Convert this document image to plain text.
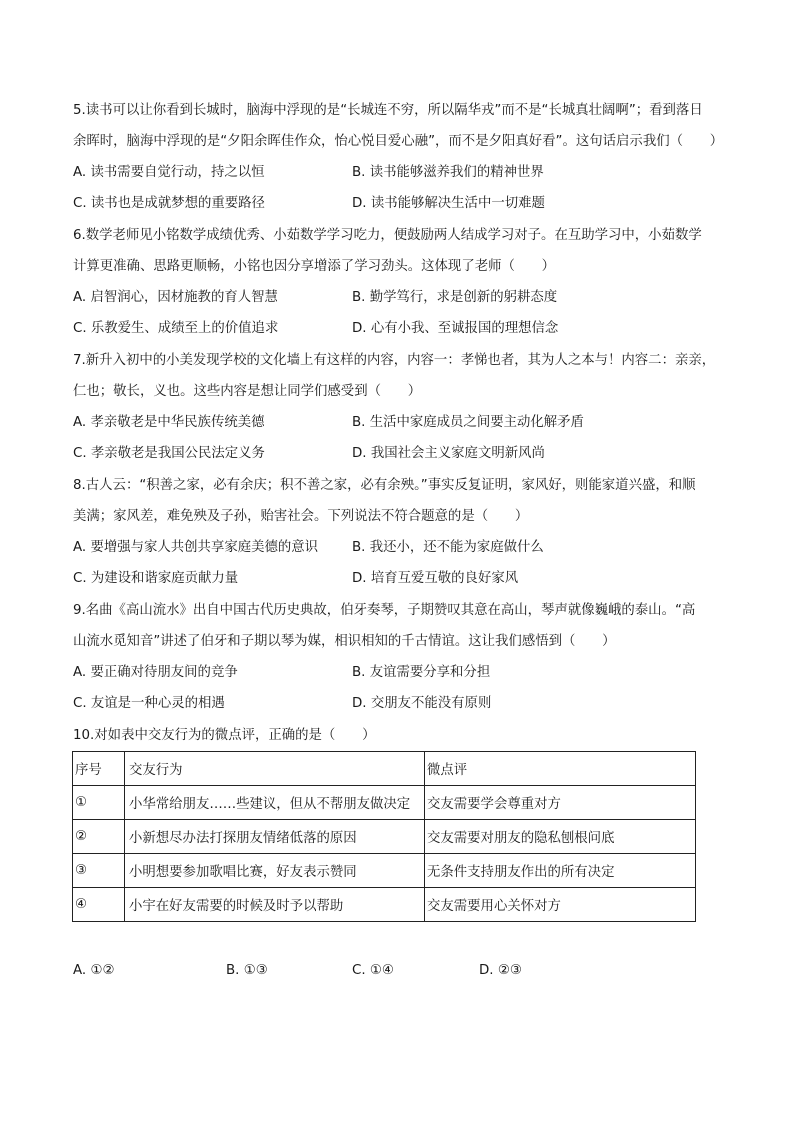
5.读书可以让你看到长城时，脑海中浮现的是“长城连不穷，所以隔华戎”而不是“长城真壮阔啊”；看到落日
余晖时，脑海中浮现的是“夕阳余晖佳作众，怡心悦目爱心融”，而不是夕阳真好看”。这句话启示我们（　　）
A. 读书需要自觉行动，持之以恒	B. 读书能够滋养我们的精神世界
C. 读书也是成就梦想的重要路径	D. 读书能够解决生活中一切难题
6.数学老师见小铭数学成绩优秀、小茹数学学习吃力，便鼓励两人结成学习对子。在互助学习中，小茹数学
计算更准确、思路更顺畅，小铭也因分享增添了学习劲头。这体现了老师（　　）
A. 启智润心，因材施教的育人智慧	B. 勤学笃行，求是创新的躬耕态度
C. 乐教爱生、成绩至上的价值追求	D. 心有小我、至诚报国的理想信念
7.新升入初中的小美发现学校的文化墙上有这样的内容，内容一：孝悌也者，其为人之本与！内容二：亲亲，
仁也；敬长，义也。这些内容是想让同学们感受到（　　）
A. 孝亲敬老是中华民族传统美德	B. 生活中家庭成员之间要主动化解矛盾
C. 孝亲敬老是我国公民法定义务	D. 我国社会主义家庭文明新风尚
8.古人云：“积善之家，必有余庆；积不善之家，必有余殃。”事实反复证明，家风好，则能家道兴盛，和顺
美满；家风差，难免殃及子孙，贻害社会。下列说法不符合题意的是（　　）
A. 要增强与家人共创共享家庭美德的意识	B. 我还小，还不能为家庭做什么
C. 为建设和谐家庭贡献力量	D. 培育互爱互敬的良好家风
9.名曲《高山流水》出自中国古代历史典故，伯牙奏琴，子期赞叹其意在高山，琴声就像巍峨的泰山。“高
山流水觅知音”讲述了伯牙和子期以琴为媒，相识相知的千古情谊。这让我们感悟到（　　）
A. 要正确对待朋友间的竞争	B. 友谊需要分享和分担
C. 友谊是一种心灵的相遇	D. 交朋友不能没有原则
10.对如表中交友行为的微点评，正确的是（　　）
序号	交友行为	微点评
①	小华常给朋友……些建议，但从不帮朋友做决定	交友需要学会尊重对方
②	小新想尽办法打探朋友情绪低落的原因	交友需要对朋友的隐私刨根问底
③	小明想要参加歌唱比赛，好友表示赞同	无条件支持朋友作出的所有决定
④	小宇在好友需要的时候及时予以帮助	交友需要用心关怀对方
A. ①②	B. ①③	C. ①④	D. ②③
